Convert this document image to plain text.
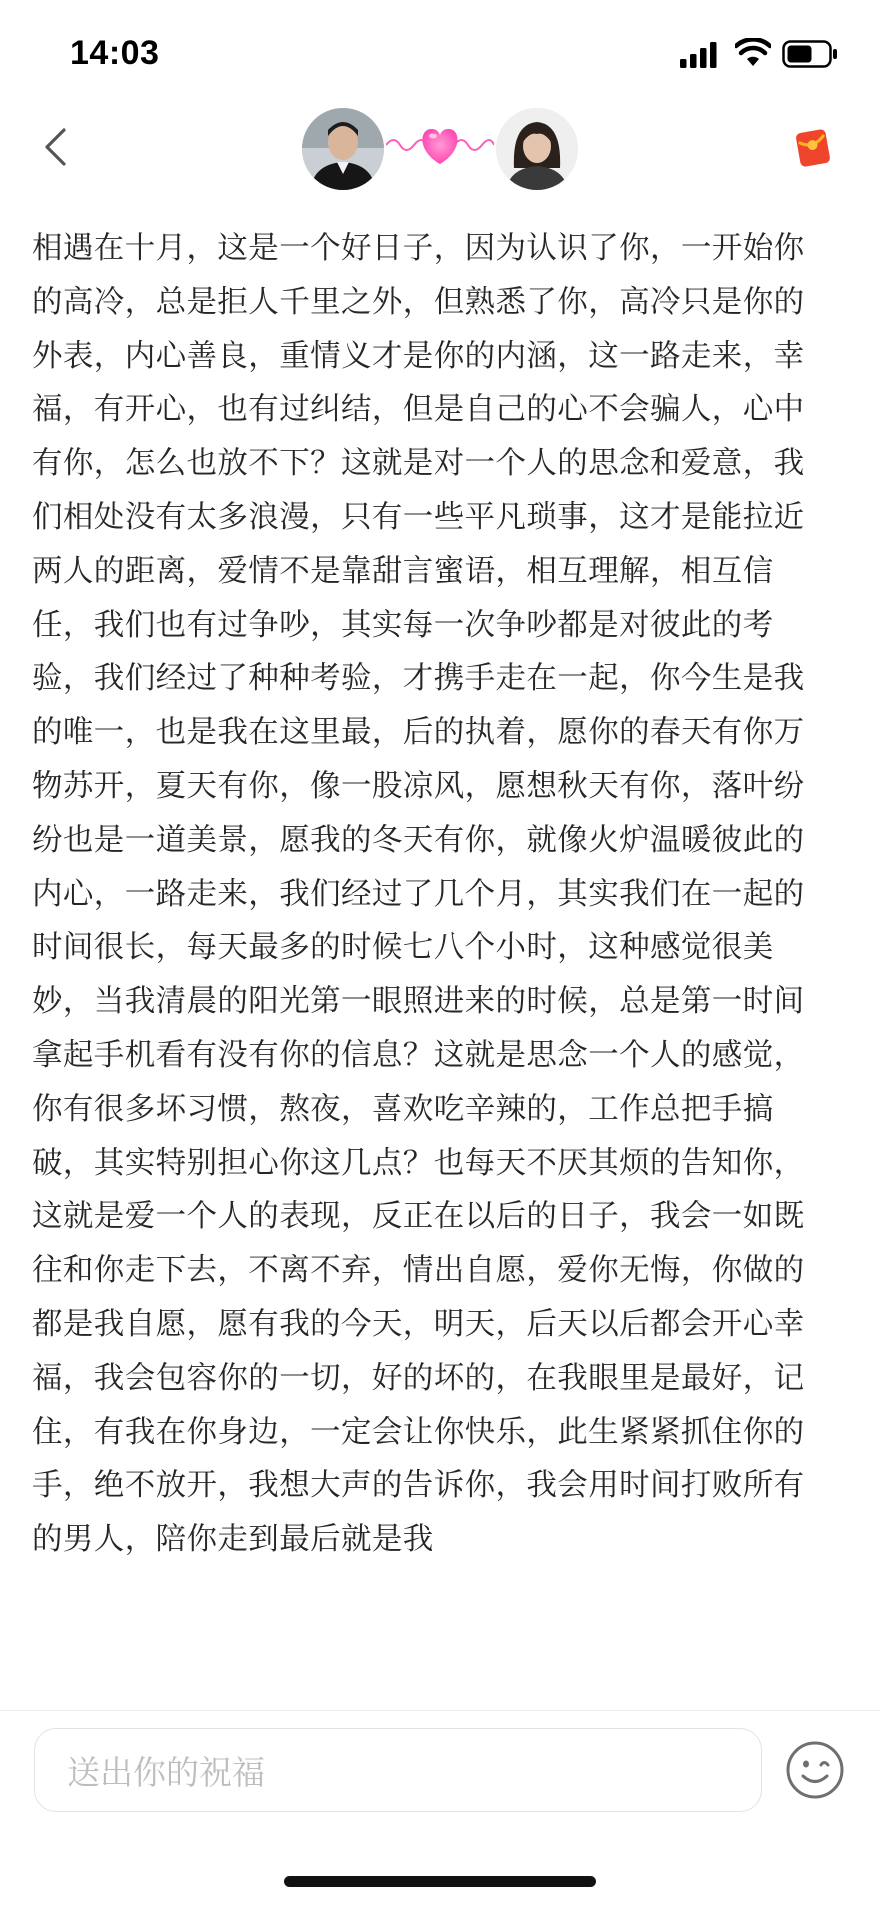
14:03
相遇在十月，这是一个好日子，因为认识了你，一开始你的高冷，总是拒人千里之外，但熟悉了你，高冷只是你的外表，内心善良，重情义才是你的内涵，这一路走来，幸福，有开心，也有过纠结，但是自己的心不会骗人，心中有你，怎么也放不下？这就是对一个人的思念和爱意，我们相处没有太多浪漫，只有一些平凡琐事，这才是能拉近两人的距离，爱情不是靠甜言蜜语，相互理解，相互信任，我们也有过争吵，其实每一次争吵都是对彼此的考验，我们经过了种种考验，才携手走在一起，你今生是我的唯一，也是我在这里最，后的执着，愿你的春天有你万物苏开，夏天有你，像一股凉风，愿想秋天有你，落叶纷纷也是一道美景，愿我的冬天有你，就像火炉温暖彼此的内心，一路走来，我们经过了几个月，其实我们在一起的时间很长，每天最多的时候七八个小时，这种感觉很美妙，当我清晨的阳光第一眼照进来的时候，总是第一时间拿起手机看有没有你的信息？这就是思念一个人的感觉，你有很多坏习惯，熬夜，喜欢吃辛辣的，工作总把手搞破，其实特别担心你这几点？也每天不厌其烦的告知你，这就是爱一个人的表现，反正在以后的日子，我会一如既往和你走下去，不离不弃，情出自愿，爱你无悔，你做的都是我自愿，愿有我的今天，明天，后天以后都会开心幸福，我会包容你的一切，好的坏的，在我眼里是最好，记住，有我在你身边，一定会让你快乐，此生紧紧抓住你的手，绝不放开，我想大声的告诉你，我会用时间打败所有的男人，陪你走到最后就是我
送出你的祝福
